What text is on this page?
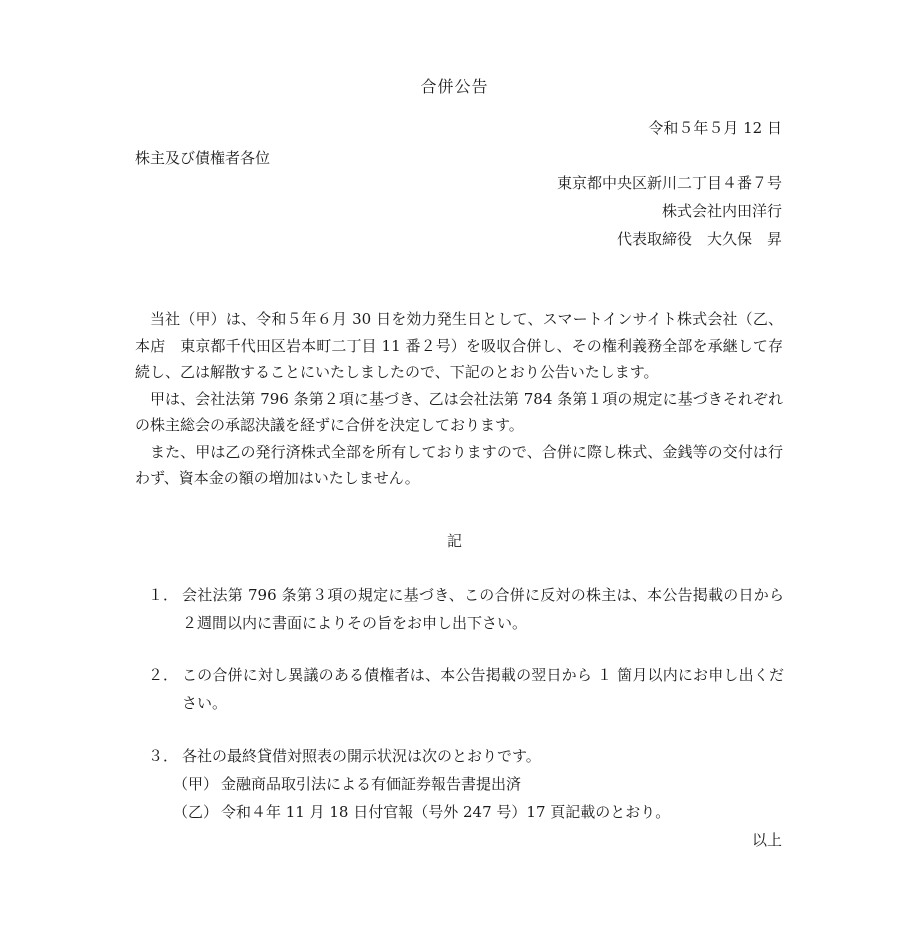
合併公告
令和５年５月 12 日
株主及び債権者各位
東京都中央区新川二丁目４番７号
株式会社内田洋行
代表取締役　大久保　昇

当社（甲）は、令和５年６月 30 日を効力発生日として、スマートインサイト株式会社（乙、本店　東京都千代田区岩本町二丁目 11 番２号）を吸収合併し、その権利義務全部を承継して存続し、乙は解散することにいたしましたので、下記のとおり公告いたします。

甲は、会社法第 796 条第２項に基づき、乙は会社法第 784 条第１項の規定に基づきそれぞれの株主総会の承認決議を経ずに合併を決定しております。

また、甲は乙の発行済株式全部を所有しておりますので、合併に際し株式、金銭等の交付は行わず、資本金の額の増加はいたしません。

記
１． 会社法第 796 条第３項の規定に基づき、この合併に反対の株主は、本公告掲載の日から２週間以内に書面によりその旨をお申し出下さい。
２． この合併に対し異議のある債権者は、本公告掲載の翌日から １ 箇月以内にお申し出ください。
３． 各社の最終貸借対照表の開示状況は次のとおりです。
（甲） 金融商品取引法による有価証券報告書提出済
（乙） 令和４年 11 月 18 日付官報（号外 247 号）17 頁記載のとおり。
以上
